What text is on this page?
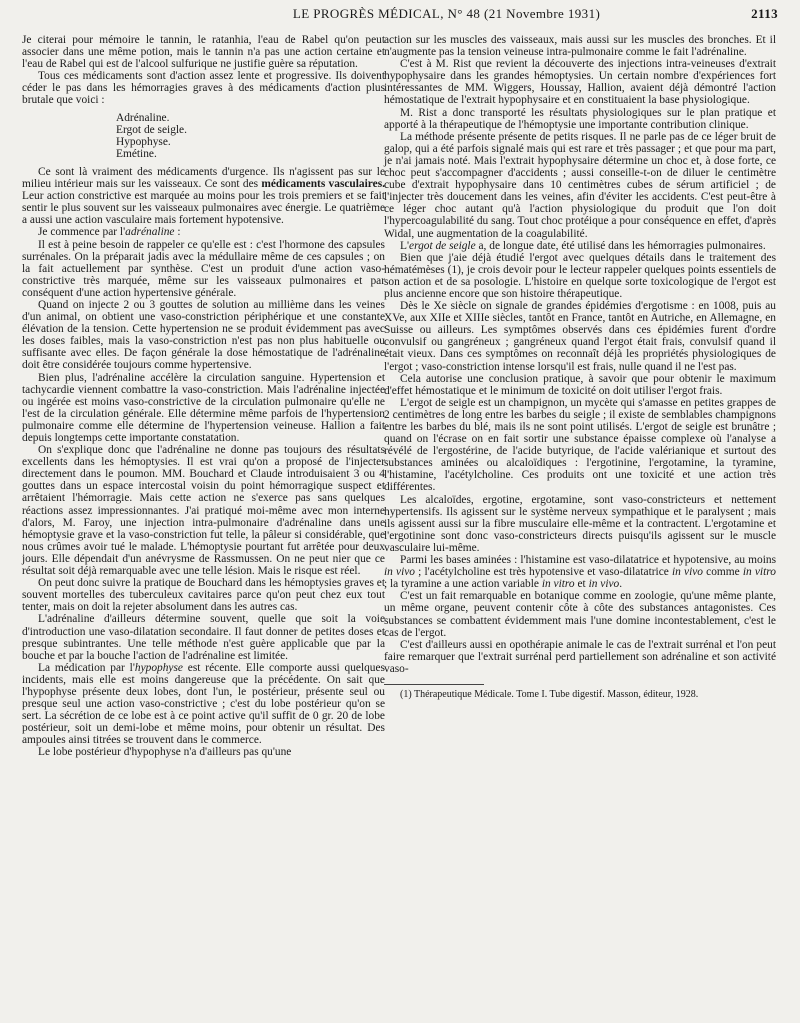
LE PROGRÈS MÉDICAL, N° 48 (21 Novembre 1931)	2113

Je citerai pour mémoire le tannin, le ratanhia, l'eau de Rabel qu'on peut associer dans une même potion, mais le tannin n'a pas une action certaine et l'eau de Rabel qui est de l'alcool sulfurique ne justifie guère sa réputation.

Tous ces médicaments sont d'action assez lente et progressive. Ils doivent céder le pas dans les hémorragies graves à des médicaments d'action plus brutale que voici :

Adrénaline.

Ergot de seigle.

Hypophyse.

Emétine.

Ce sont là vraiment des médicaments d'urgence. Ils n'agissent pas sur le milieu intérieur mais sur les vaisseaux. Ce sont des médicaments vasculaires. Leur action constrictive est marquée au moins pour les trois premiers et se fait sentir le plus souvent sur les vaisseaux pulmonaires avec énergie. Le quatrième a aussi une action vasculaire mais fortement hypotensive.

Je commence par l'adrénaline :

Il est à peine besoin de rappeler ce qu'elle est : c'est l'hormone des capsules surrénales. On la préparait jadis avec la médullaire même de ces capsules ; on la fait actuellement par synthèse. C'est un produit d'une action vaso-constrictive très marquée, même sur les vaisseaux pulmonaires et par conséquent d'une action hypertensive générale.

Quand on injecte 2 ou 3 gouttes de solution au millième dans les veines d'un animal, on obtient une vaso-constriction périphérique et une constante élévation de la tension. Cette hypertension ne se produit évidemment pas avec les doses faibles, mais la vaso-constriction n'est pas non plus habituelle ou suffisante avec elles. De façon générale la dose hémostatique de l'adrénaline doit être considérée toujours comme hypertensive.

Bien plus, l'adrénaline accélère la circulation sanguine. Hypertension et tachycardie viennent combattre la vaso-constriction. Mais l'adrénaline injectée ou ingérée est moins vaso-constrictive de la circulation pulmonaire qu'elle ne l'est de la circulation générale. Elle détermine même parfois de l'hypertension pulmonaire comme elle détermine de l'hypertension veineuse. Hallion a fait depuis longtemps cette importante constatation.

On s'explique donc que l'adrénaline ne donne pas toujours des résultats excellents dans les hémoptysies. Il est vrai qu'on a proposé de l'injecter directement dans le poumon. MM. Bouchard et Claude introduisaient 3 ou 4 gouttes dans un espace intercostal voisin du point hémorragique suspect et arrêtaient l'hémorragie. Mais cette action ne s'exerce pas sans quelques réactions assez impressionnantes. J'ai pratiqué moi-même avec mon interne d'alors, M. Faroy, une injection intra-pulmonaire d'adrénaline dans une hémoptysie grave et la vaso-constriction fut telle, la pâleur si considérable, que nous crûmes avoir tué le malade. L'hémoptysie pourtant fut arrêtée pour deux jours. Elle dépendait d'un anévrysme de Rassmussen. On ne peut nier que ce résultat soit déjà remarquable avec une telle lésion. Mais le risque est réel.

On peut donc suivre la pratique de Bouchard dans les hémoptysies graves et souvent mortelles des tuberculeux cavitaires parce qu'on peut chez eux tout tenter, mais on doit la rejeter absolument dans les autres cas.

L'adrénaline d'ailleurs détermine souvent, quelle que soit la voie d'introduction une vaso-dilatation secondaire. Il faut donner de petites doses et presque subintrantes. Une telle méthode n'est guère applicable que par la bouche et par la bouche l'action de l'adrénaline est limitée.

La médication par l'hypophyse est récente. Elle comporte aussi quelques incidents, mais elle est moins dangereuse que la précédente. On sait que l'hypophyse présente deux lobes, dont l'un, le postérieur, présente seul ou presque seul une action vaso-constrictive ; c'est du lobe postérieur qu'on se sert. La sécrétion de ce lobe est à ce point active qu'il suffit de 0 gr. 20 de lobe postérieur, soit un demi-lobe et même moins, pour obtenir un résultat. Des ampoules ainsi titrées se trouvent dans le commerce.

Le lobe postérieur d'hypophyse n'a d'ailleurs pas qu'une

action sur les muscles des vaisseaux, mais aussi sur les muscles des bronches. Et il n'augmente pas la tension veineuse intra-pulmonaire comme le fait l'adrénaline.

C'est à M. Rist que revient la découverte des injections intra-veineuses d'extrait hypophysaire dans les grandes hémoptysies. Un certain nombre d'expériences fort intéressantes de MM. Wiggers, Houssay, Hallion, avaient déjà démontré l'action hémostatique de l'extrait hypophysaire et en constituaient la base physiologique.

M. Rist a donc transporté les résultats physiologiques sur le plan pratique et apporté à la thérapeutique de l'hémoptysie une importante contribution clinique.

La méthode présente présente de petits risques. Il ne parle pas de ce léger bruit de galop, qui a été parfois signalé mais qui est rare et très passager ; et que pour ma part, je n'ai jamais noté. Mais l'extrait hypophysaire détermine un choc et, à dose forte, ce choc peut s'accompagner d'accidents ; aussi conseille-t-on de diluer le centimètre cube d'extrait hypophysaire dans 10 centimètres cubes de sérum artificiel ; de l'injecter très doucement dans les veines, afin d'éviter les accidents. C'est peut-être à ce léger choc autant qu'à l'action physiologique du produit que l'on doit l'hypercoagulabilité du sang. Tout choc protéique a pour conséquence en effet, d'après Widal, une augmentation de la coagulabilité.

L'ergot de seigle a, de longue date, été utilisé dans les hémorragies pulmonaires.

Bien que j'aie déjà étudié l'ergot avec quelques détails dans le traitement des hématémèses (1), je crois devoir pour le lecteur rappeler quelques points essentiels de son action et de sa posologie. L'histoire en quelque sorte toxicologique de l'ergot est plus ancienne encore que son histoire thérapeutique.

Dès le Xe siècle on signale de grandes épidémies d'ergotisme : en 1008, puis au XVe, aux XIIe et XIIIe siècles, tantôt en France, tantôt en Autriche, en Allemagne, en Suisse ou ailleurs. Les symptômes observés dans ces épidémies furent d'ordre convulsif ou gangréneux ; gangréneux quand l'ergot était frais, convulsif quand il était vieux. Dans ces symptômes on reconnaît déjà les propriétés physiologiques de l'ergot ; vaso-constriction intense lorsqu'il est frais, nulle quand il ne l'est pas.

Cela autorise une conclusion pratique, à savoir que pour obtenir le maximum d'effet hémostatique et le minimum de toxicité on doit utiliser l'ergot frais.

L'ergot de seigle est un champignon, un mycète qui s'amasse en petites grappes de 2 centimètres de long entre les barbes du seigle ; il existe de semblables champignons entre les barbes du blé, mais ils ne sont point utilisés. L'ergot de seigle est brunâtre ; quand on l'écrase on en fait sortir une substance épaisse complexe où l'analyse a révélé de l'ergostérine, de l'acide butyrique, de l'acide valérianique et surtout des substances aminées ou alcaloïdiques : l'ergotinine, l'ergotamine, la tyramine, l'histamine, l'acétylcholine. Ces produits ont une toxicité et une action très différentes.

Les alcaloïdes, ergotine, ergotamine, sont vaso-constricteurs et nettement hypertensifs. Ils agissent sur le système nerveux sympathique et le paralysent ; mais ils agissent aussi sur la fibre musculaire elle-même et la contractent. L'ergotamine et l'ergotinine sont donc vaso-constricteurs directs puisqu'ils agissent sur le muscle vasculaire lui-même.

Parmi les bases aminées : l'histamine est vaso-dilatatrice et hypotensive, au moins in vivo ; l'acétylcholine est très hypotensive et vaso-dilatatrice in vivo comme in vitro ; la tyramine a une action variable in vitro et in vivo.

C'est un fait remarquable en botanique comme en zoologie, qu'une même plante, un même organe, peuvent contenir côte à côte des substances antagonistes. Ces substances se combattent évidemment mais l'une domine incontestablement, c'est le cas de l'ergot.

C'est d'ailleurs aussi en opothérapie animale le cas de l'extrait surrénal et l'on peut faire remarquer que l'extrait surrénal perd partiellement son adrénaline et son activité vaso-

(1) Thérapeutique Médicale. Tome I. Tube digestif. Masson, éditeur, 1928.
